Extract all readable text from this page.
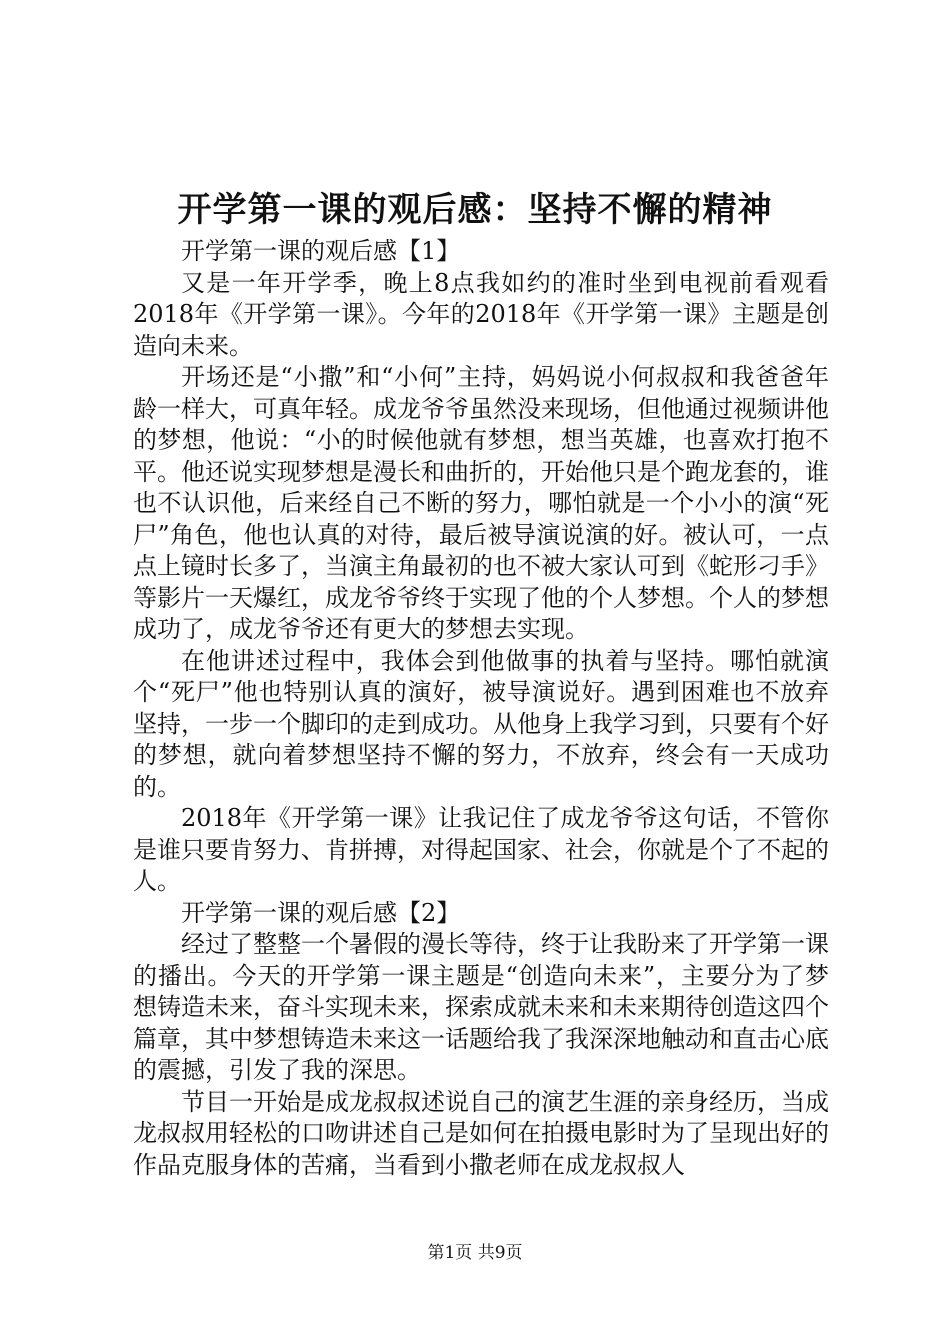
开学第一课的观后感：坚持不懈的精神

开学第一课的观后感【1】

又是一年开学季，晚上8点我如约的准时坐到电视前看观看2018年《开学第一课》。今年的2018年《开学第一课》主题是创造向未来。

开场还是“小撒”和“小何”主持，妈妈说小何叔叔和我爸爸年龄一样大，可真年轻。成龙爷爷虽然没来现场，但他通过视频讲他的梦想，他说：“小的时候他就有梦想，想当英雄，也喜欢打抱不平。他还说实现梦想是漫长和曲折的，开始他只是个跑龙套的，谁也不认识他，后来经自己不断的努力，哪怕就是一个小小的演“死尸”角色，他也认真的对待，最后被导演说演的好。被认可，一点点上镜时长多了，当演主角最初的也不被大家认可到《蛇形刁手》等影片一天爆红，成龙爷爷终于实现了他的个人梦想。个人的梦想成功了，成龙爷爷还有更大的梦想去实现。

在他讲述过程中，我体会到他做事的执着与坚持。哪怕就演个“死尸”他也特别认真的演好，被导演说好。遇到困难也不放弃坚持，一步一个脚印的走到成功。从他身上我学习到，只要有个好的梦想，就向着梦想坚持不懈的努力，不放弃，终会有一天成功的。

2018年《开学第一课》让我记住了成龙爷爷这句话，不管你是谁只要肯努力、肯拼搏，对得起国家、社会，你就是个了不起的人。

开学第一课的观后感【2】

经过了整整一个暑假的漫长等待，终于让我盼来了开学第一课的播出。今天的开学第一课主题是“创造向未来”，主要分为了梦想铸造未来，奋斗实现未来，探索成就未来和未来期待创造这四个篇章，其中梦想铸造未来这一话题给我了我深深地触动和直击心底的震撼，引发了我的深思。

节目一开始是成龙叔叔述说自己的演艺生涯的亲身经历，当成龙叔叔用轻松的口吻讲述自己是如何在拍摄电影时为了呈现出好的作品克服身体的苦痛，当看到小撒老师在成龙叔叔人

第1页 共9页
